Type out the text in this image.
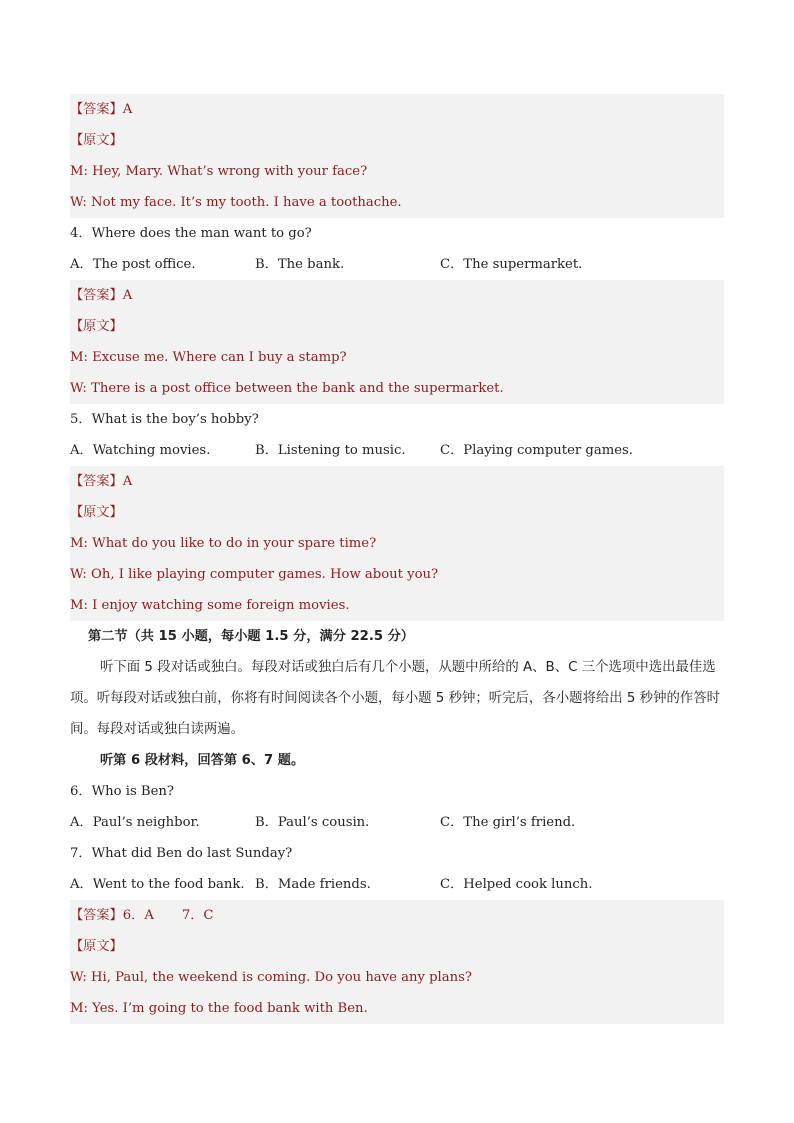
【答案】A
【原文】
M: Hey, Mary. What’s wrong with your face?
W: Not my face. It’s my tooth. I have a toothache.
4．Where does the man want to go?
A．The post office.	B．The bank.	C．The supermarket.
【答案】A
【原文】
M: Excuse me. Where can I buy a stamp?
W: There is a post office between the bank and the supermarket.
5．What is the boy’s hobby?
A．Watching movies.	B．Listening to music.	C．Playing computer games.
【答案】A
【原文】
M: What do you like to do in your spare time?
W: Oh, I like playing computer games. How about you?
M: I enjoy watching some foreign movies.
第二节（共 15 小题，每小题 1.5 分，满分 22.5 分）
听下面 5 段对话或独白。每段对话或独白后有几个小题，从题中所给的 A、B、C 三个选项中选出最佳选项。听每段对话或独白前，你将有时间阅读各个小题，每小题 5 秒钟；听完后，各小题将给出 5 秒钟的作答时间。每段对话或独白读两遍。
听第 6 段材料，回答第 6、7 题。
6．Who is Ben?
A．Paul’s neighbor.	B．Paul’s cousin.	C．The girl’s friend.
7．What did Ben do last Sunday?
A．Went to the food bank. B．Made friends.	C．Helped cook lunch.
【答案】6．A 7．C
【原文】
W: Hi, Paul, the weekend is coming. Do you have any plans?
M: Yes. I’m going to the food bank with Ben.
